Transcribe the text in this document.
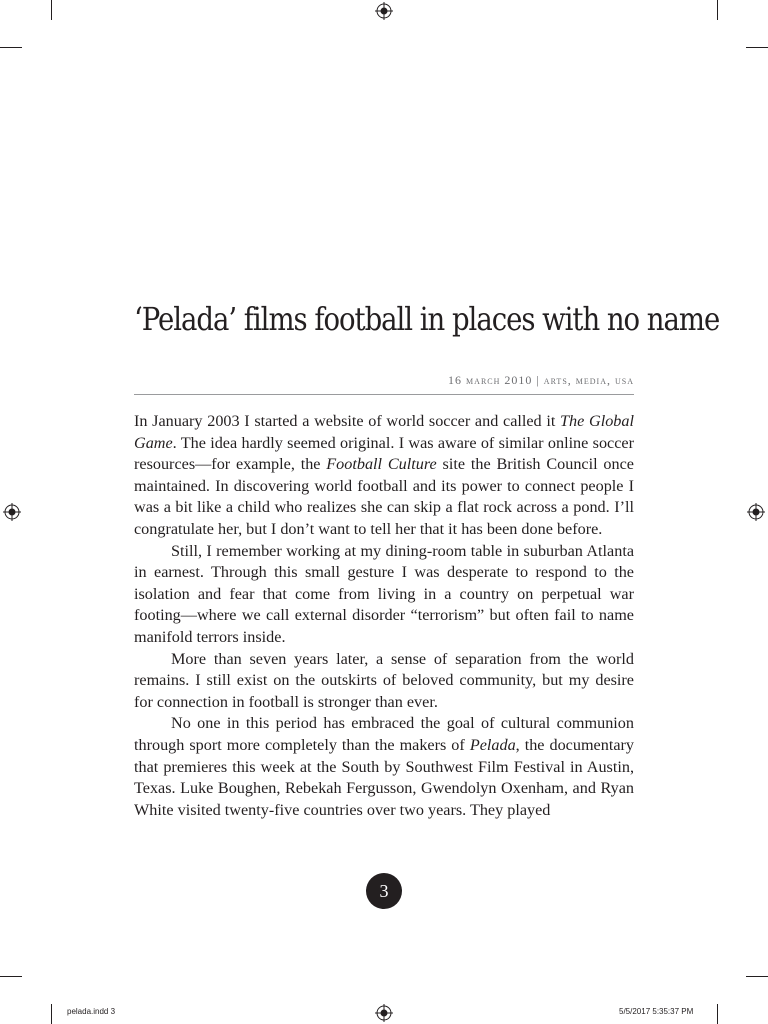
‘Pelada’ films football in places with no name
16 march 2010 | arts, media, usa

In January 2003 I started a website of world soccer and called it The Global Game. The idea hardly seemed original. I was aware of similar online soccer resources—for example, the Football Culture site the British Council once maintained. In discovering world football and its power to connect people I was a bit like a child who realizes she can skip a flat rock across a pond. I’ll congratulate her, but I don’t want to tell her that it has been done before.

Still, I remember working at my dining-room table in suburban Atlanta in earnest. Through this small gesture I was desperate to respond to the isolation and fear that come from living in a country on perpetual war footing—where we call external disorder “terrorism” but often fail to name manifold terrors inside.

More than seven years later, a sense of separation from the world remains. I still exist on the outskirts of beloved community, but my desire for connection in football is stronger than ever.

No one in this period has embraced the goal of cultural communion through sport more completely than the makers of Pelada, the documentary that premieres this week at the South by Southwest Film Festival in Austin, Texas. Luke Boughen, Rebekah Fergusson, Gwendolyn Oxenham, and Ryan White visited twenty-five countries over two years. They played

3
pelada.indd 3	5/5/2017 5:35:37 PM
